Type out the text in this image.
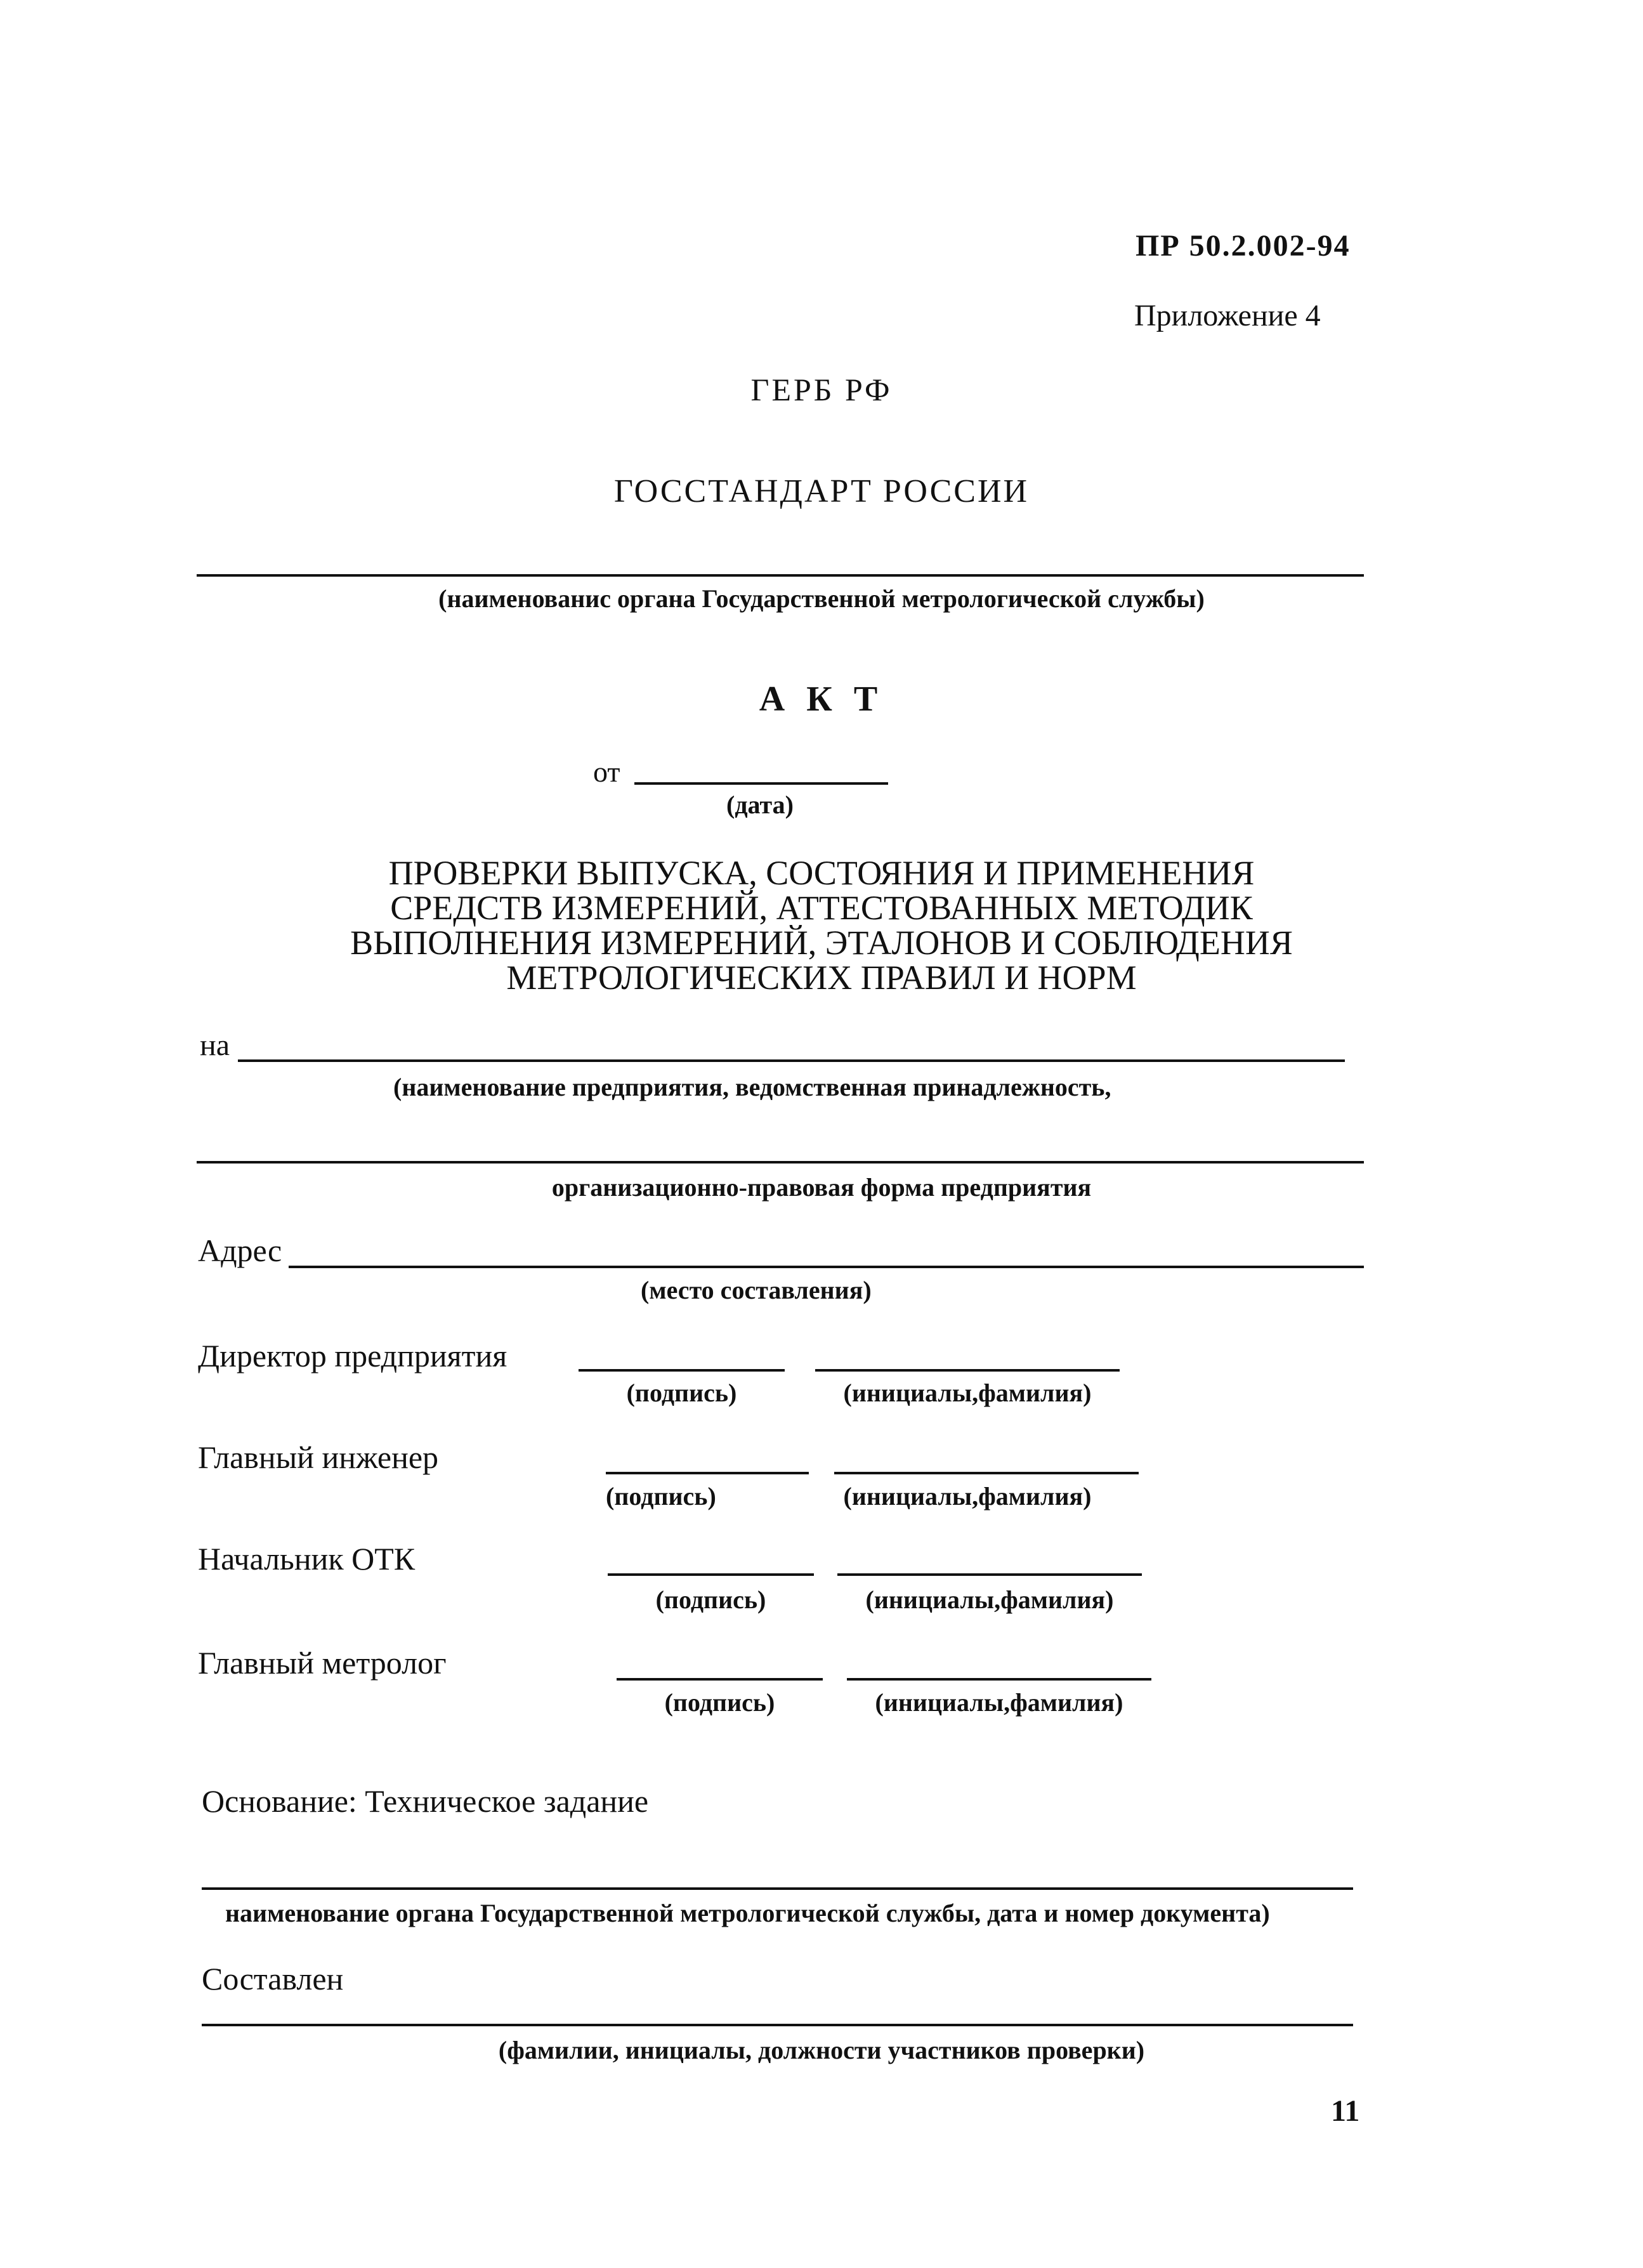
ПР 50.2.002-94
Приложение 4
ГЕРБ РФ
ГОССТАНДАРТ РОССИИ
(наименованис органа Государственной метрологической службы)
А К Т
от
(дата)
ПРОВЕРКИ ВЫПУСКА, СОСТОЯНИЯ И ПРИМЕНЕНИЯ
СРЕДСТВ ИЗМЕРЕНИЙ, АТТЕСТОВАННЫХ МЕТОДИК
ВЫПОЛНЕНИЯ ИЗМЕРЕНИЙ, ЭТАЛОНОВ И СОБЛЮДЕНИЯ
МЕТРОЛОГИЧЕСКИХ ПРАВИЛ И НОРМ
на
(наименование предприятия, ведомственная принадлежность,
организационно-правовая форма предприятия
Адрес
(место составления)
Директор предприятия
(подпись)	(инициалы,фамилия)
Главный инженер
(подпись)	(инициалы,фамилия)
Начальник ОТК
(подпись)	(инициалы,фамилия)
Главный метролог
(подпись)	(инициалы,фамилия)
Основание: Техническое задание
наименование органа Государственной метрологической службы, дата и номер документа)
Составлен
(фамилии, инициалы, должности участников проверки)
11
